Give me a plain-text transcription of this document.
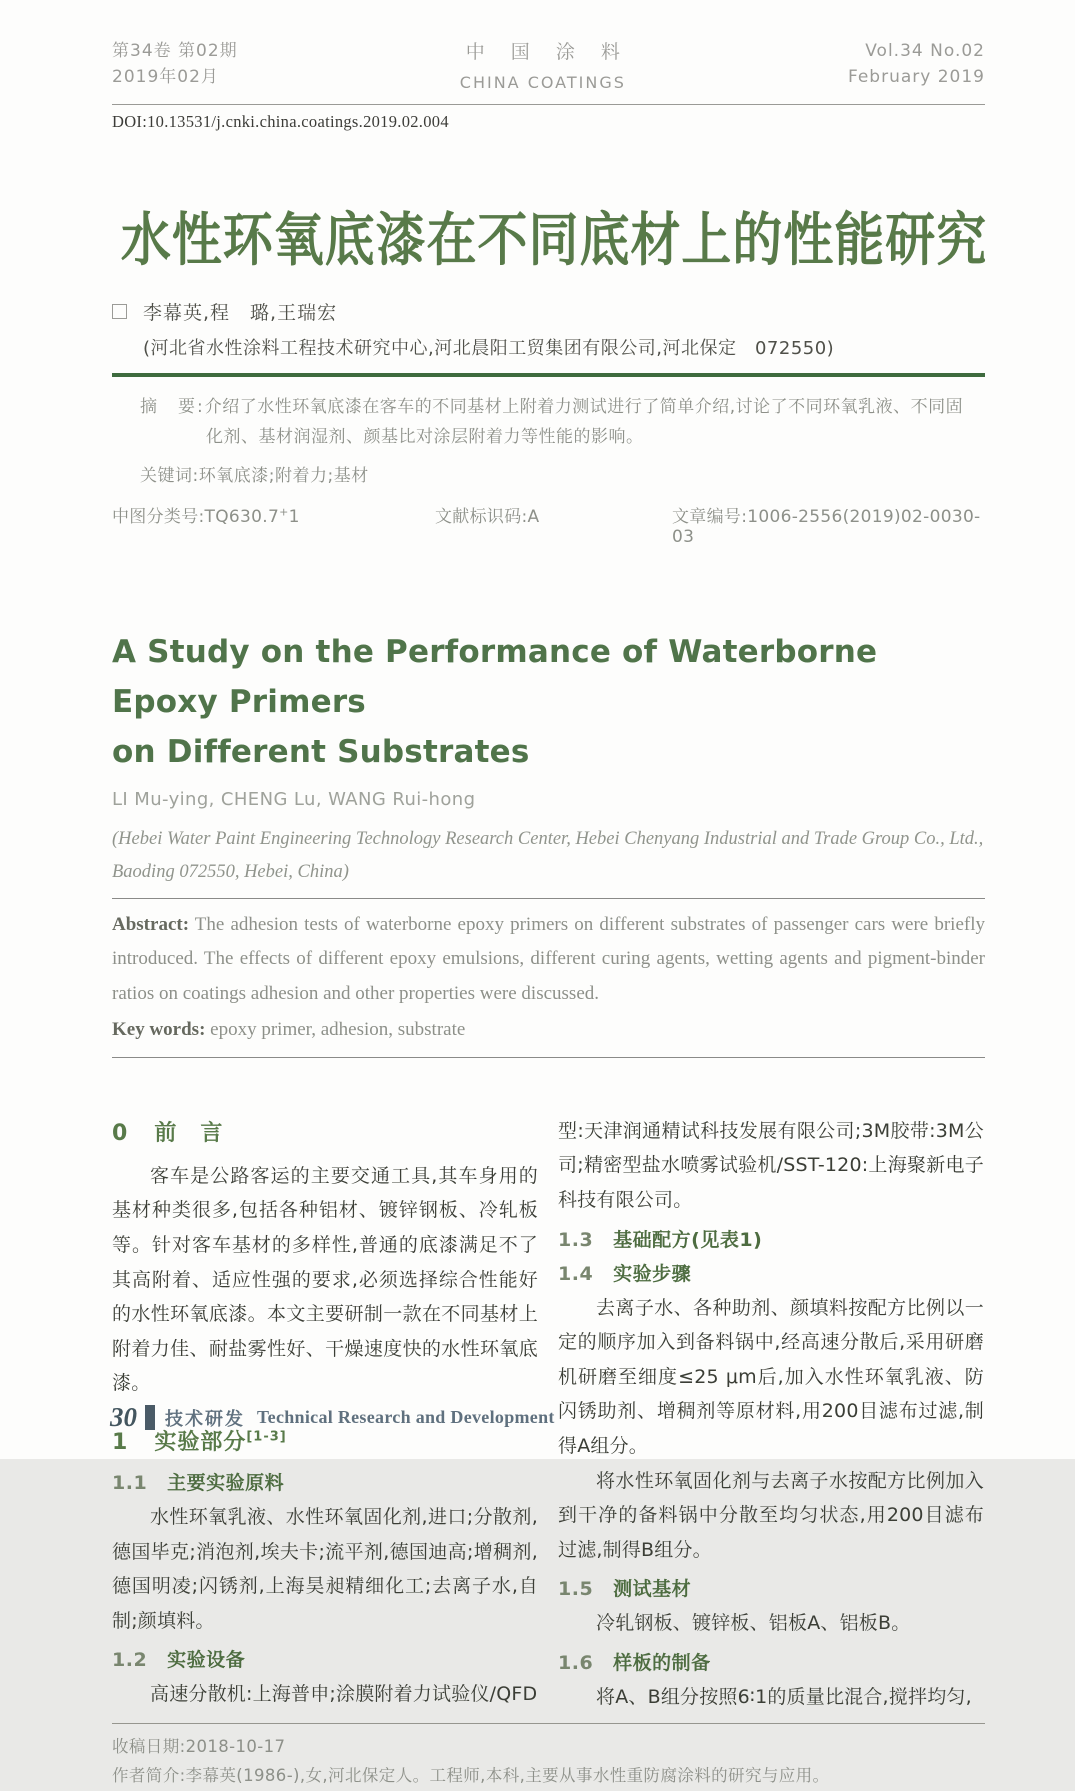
第34卷 第02期
2019年02月
中 国 涂 料
CHINA COATINGS
Vol.34 No.02
February 2019
DOI:10.13531/j.cnki.china.coatings.2019.02.004
水性环氧底漆在不同底材上的性能研究
李幕英,程　璐,王瑞宏
(河北省水性涂料工程技术研究中心,河北晨阳工贸集团有限公司,河北保定　072550)
摘　要:介绍了水性环氧底漆在客车的不同基材上附着力测试进行了简单介绍,讨论了不同环氧乳液、不同固化剂、基材润湿剂、颜基比对涂层附着力等性能的影响。
关键词:环氧底漆;附着力;基材
中图分类号:TQ630.7+1	文献标识码:A	文章编号:1006-2556(2019)02-0030-03
A Study on the Performance of Waterborne Epoxy Primers
on Different Substrates
LI Mu-ying, CHENG Lu, WANG Rui-hong
(Hebei Water Paint Engineering Technology Research Center, Hebei Chenyang Industrial and Trade Group Co., Ltd., Baoding 072550, Hebei, China)
Abstract: The adhesion tests of waterborne epoxy primers on different substrates of passenger cars were briefly introduced. The effects of different epoxy emulsions, different curing agents, wetting agents and pigment-binder ratios on coatings adhesion and other properties were discussed.
Key words: epoxy primer, adhesion, substrate
0 前　言

客车是公路客运的主要交通工具,其车身用的基材种类很多,包括各种铝材、镀锌钢板、冷轧板等。针对客车基材的多样性,普通的底漆满足不了其高附着、适应性强的要求,必须选择综合性能好的水性环氧底漆。本文主要研制一款在不同基材上附着力佳、耐盐雾性好、干燥速度快的水性环氧底漆。

1 实验部分[1-3]
1.1 主要实验原料

水性环氧乳液、水性环氧固化剂,进口;分散剂,德国毕克;消泡剂,埃夫卡;流平剂,德国迪高;增稠剂,德国明凌;闪锈剂,上海昊昶精细化工;去离子水,自制;颜填料。

1.2 实验设备

高速分散机:上海普申;涂膜附着力试验仪/QFD

型:天津润通精试科技发展有限公司;3M胶带:3M公司;精密型盐水喷雾试验机/SST-120:上海聚新电子科技有限公司。

1.3 基础配方(见表1)
1.4 实验步骤

去离子水、各种助剂、颜填料按配方比例以一定的顺序加入到备料锅中,经高速分散后,采用研磨机研磨至细度≤25 μm后,加入水性环氧乳液、防闪锈助剂、增稠剂等原材料,用200目滤布过滤,制得A组分。

将水性环氧固化剂与去离子水按配方比例加入到干净的备料锅中分散至均匀状态,用200目滤布过滤,制得B组分。

1.5 测试基材

冷轧钢板、镀锌板、铝板A、铝板B。

1.6 样板的制备

将A、B组分按照6∶1的质量比混合,搅拌均匀,

收稿日期:2018-10-17
作者简介:李幕英(1986-),女,河北保定人。工程师,本科,主要从事水性重防腐涂料的研究与应用。
30 技术研发 Technical Research and Development
